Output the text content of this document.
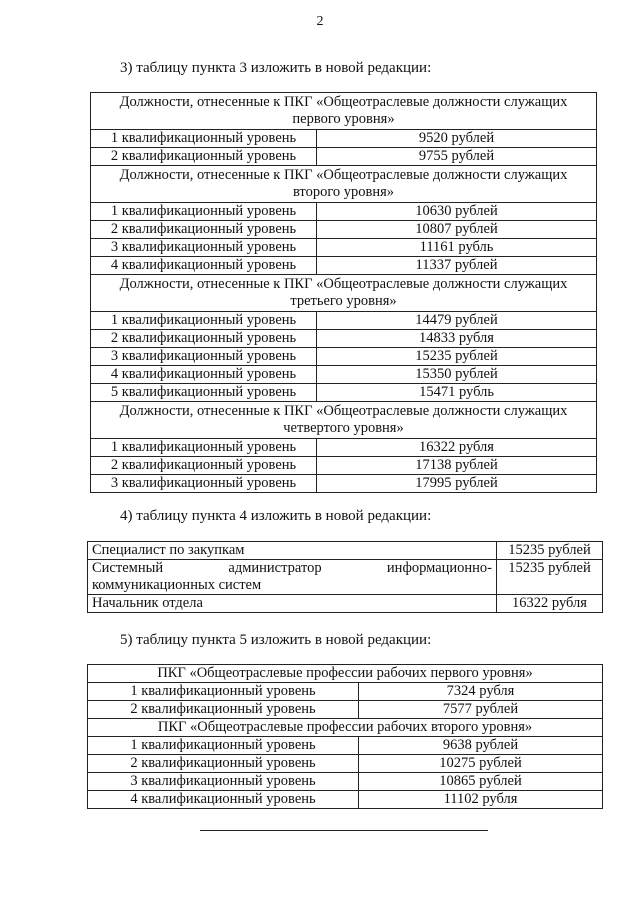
2
3) таблицу пункта 3 изложить в новой редакции:
Должности, отнесенные к ПКГ «Общеотраслевые должности служащих
первого уровня»	

1 квалификационный уровень	9520 рублей
2 квалификационный уровень	9755 рублей

Должности, отнесенные к ПКГ «Общеотраслевые должности служащих
второго уровня»	

1 квалификационный уровень	10630 рублей
2 квалификационный уровень	10807 рублей
3 квалификационный уровень	11161 рубль
4 квалификационный уровень	11337 рублей

Должности, отнесенные к ПКГ «Общеотраслевые должности служащих
третьего уровня»	

1 квалификационный уровень	14479 рублей
2 квалификационный уровень	14833 рубля
3 квалификационный уровень	15235 рублей
4 квалификационный уровень	15350 рублей
5 квалификационный уровень	15471 рубль

Должности, отнесенные к ПКГ «Общеотраслевые должности служащих
четвертого уровня»	

1 квалификационный уровень	16322 рубля
2 квалификационный уровень	17138 рублей
3 квалификационный уровень	17995 рублей
4) таблицу пункта 4 изложить в новой редакции:
Специалист по закупкам	15235 рублей

Системный администратор информационно-
коммуникационных систем	15235 рублей
Начальник отдела	16322 рубля
5) таблицу пункта 5 изложить в новой редакции:
ПКГ «Общеотраслевые профессии рабочих первого уровня»	
1 квалификационный уровень	7324 рубля
2 квалификационный уровень	7577 рублей
ПКГ «Общеотраслевые профессии рабочих второго уровня»	
1 квалификационный уровень	9638 рублей
2 квалификационный уровень	10275 рублей
3 квалификационный уровень	10865 рублей
4 квалификационный уровень	11102 рубля
